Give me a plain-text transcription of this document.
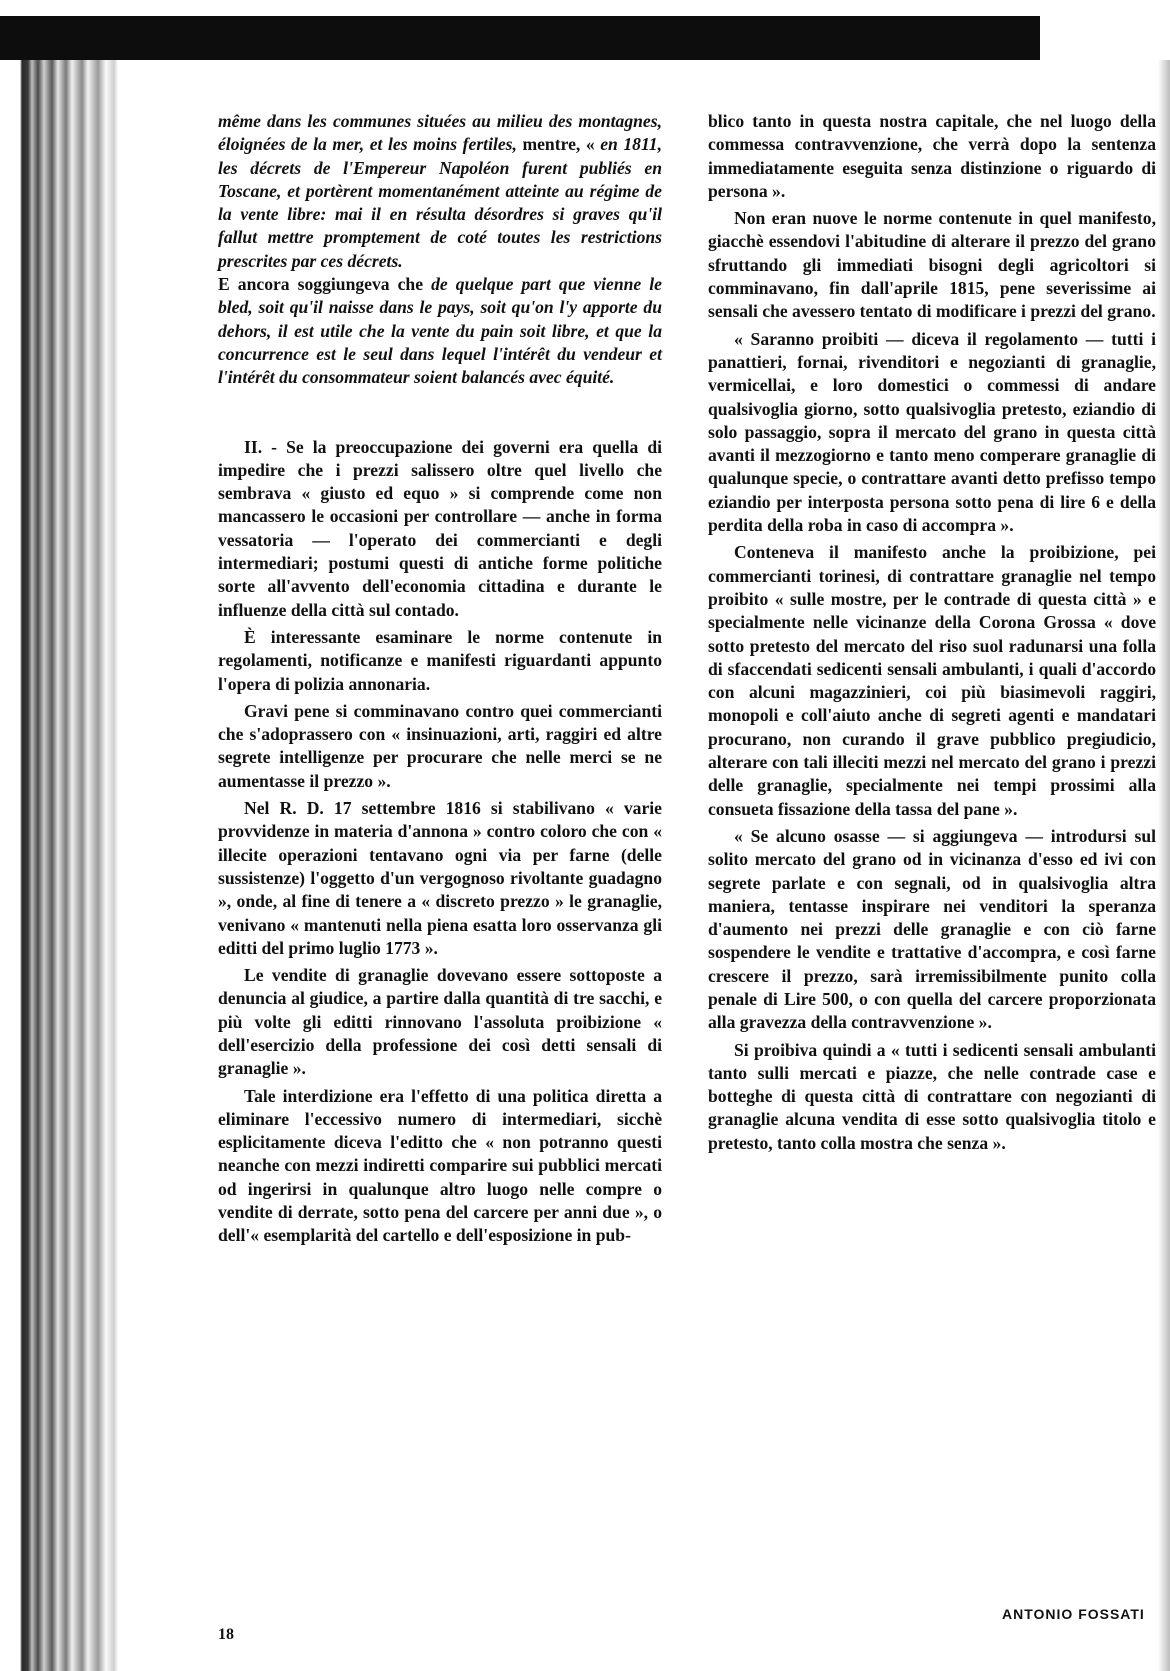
même dans les communes situées au milieu des montagnes, éloignées de la mer, et les moins fertiles, mentre, « en 1811, les décrets de l'Empereur Napoléon furent publiés en Toscane, et portèrent momentanément atteinte au régime de la vente libre: mai il en résulta désordres si graves qu'il fallut mettre promptement de coté toutes les restrictions prescrites par ces décrets.

E ancora soggiungeva che de quelque part que vienne le bled, soit qu'il naisse dans le pays, soit qu'on l'y apporte du dehors, il est utile che la vente du pain soit libre, et que la concurrence est le seul dans lequel l'intérêt du vendeur et l'intérêt du consommateur soient balancés avec équité.

II. - Se la preoccupazione dei governi era quella di impedire che i prezzi salissero oltre quel livello che sembrava « giusto ed equo » si comprende come non mancassero le occasioni per controllare — anche in forma vessatoria — l'operato dei commercianti e degli intermediari; postumi questi di antiche forme politiche sorte all'avvento dell'economia cittadina e durante le influenze della città sul contado.

È interessante esaminare le norme contenute in regolamenti, notificanze e manifesti riguardanti appunto l'opera di polizia annonaria.

Gravi pene si comminavano contro quei commercianti che s'adoprassero con « insinuazioni, arti, raggiri ed altre segrete intelligenze per procurare che nelle merci se ne aumentasse il prezzo ».

Nel R. D. 17 settembre 1816 si stabilivano « varie provvidenze in materia d'annona » contro coloro che con « illecite operazioni tentavano ogni via per farne (delle sussistenze) l'oggetto d'un vergognoso rivoltante guadagno », onde, al fine di tenere a « discreto prezzo » le granaglie, venivano « mantenuti nella piena esatta loro osservanza gli editti del primo luglio 1773 ».

Le vendite di granaglie dovevano essere sottoposte a denuncia al giudice, a partire dalla quantità di tre sacchi, e più volte gli editti rinnovano l'assoluta proibizione « dell'esercizio della professione dei così detti sensali di granaglie ».

Tale interdizione era l'effetto di una politica diretta a eliminare l'eccessivo numero di intermediari, sicchè esplicitamente diceva l'editto che « non potranno questi neanche con mezzi indiretti comparire sui pubblici mercati od ingerirsi in qualunque altro luogo nelle compre o vendite di derrate, sotto pena del carcere per anni due », o dell'« esemplarità del cartello e dell'esposizione in pub-

blico tanto in questa nostra capitale, che nel luogo della commessa contravvenzione, che verrà dopo la sentenza immediatamente eseguita senza distinzione o riguardo di persona ».

Non eran nuove le norme contenute in quel manifesto, giacchè essendovi l'abitudine di alterare il prezzo del grano sfruttando gli immediati bisogni degli agricoltori si comminavano, fin dall'aprile 1815, pene severissime ai sensali che avessero tentato di modificare i prezzi del grano.

« Saranno proibiti — diceva il regolamento — tutti i panattieri, fornai, rivenditori e negozianti di granaglie, vermicellai, e loro domestici o commessi di andare qualsivoglia giorno, sotto qualsivoglia pretesto, eziandio di solo passaggio, sopra il mercato del grano in questa città avanti il mezzogiorno e tanto meno comperare granaglie di qualunque specie, o contrattare avanti detto prefisso tempo eziandio per interposta persona sotto pena di lire 6 e della perdita della roba in caso di accompra ».

Conteneva il manifesto anche la proibizione, pei commercianti torinesi, di contrattare granaglie nel tempo proibito « sulle mostre, per le contrade di questa città » e specialmente nelle vicinanze della Corona Grossa « dove sotto pretesto del mercato del riso suol radunarsi una folla di sfaccendati sedicenti sensali ambulanti, i quali d'accordo con alcuni magazzinieri, coi più biasimevoli raggiri, monopoli e coll'aiuto anche di segreti agenti e mandatari procurano, non curando il grave pubblico pregiudicio, alterare con tali illeciti mezzi nel mercato del grano i prezzi delle granaglie, specialmente nei tempi prossimi alla consueta fissazione della tassa del pane ».

« Se alcuno osasse — si aggiungeva — introdursi sul solito mercato del grano od in vicinanza d'esso ed ivi con segrete parlate e con segnali, od in qualsivoglia altra maniera, tentasse inspirare nei venditori la speranza d'aumento nei prezzi delle granaglie e con ciò farne sospendere le vendite e trattative d'accompra, e così farne crescere il prezzo, sarà irremissibilmente punito colla penale di Lire 500, o con quella del carcere proporzionata alla gravezza della contravvenzione ».

Si proibiva quindi a « tutti i sedicenti sensali ambulanti tanto sulli mercati e piazze, che nelle contrade case e botteghe di questa città di contrattare con negozianti di granaglie alcuna vendita di esse sotto qualsivoglia titolo e pretesto, tanto colla mostra che senza ».

18
ANTONIO FOSSATI
